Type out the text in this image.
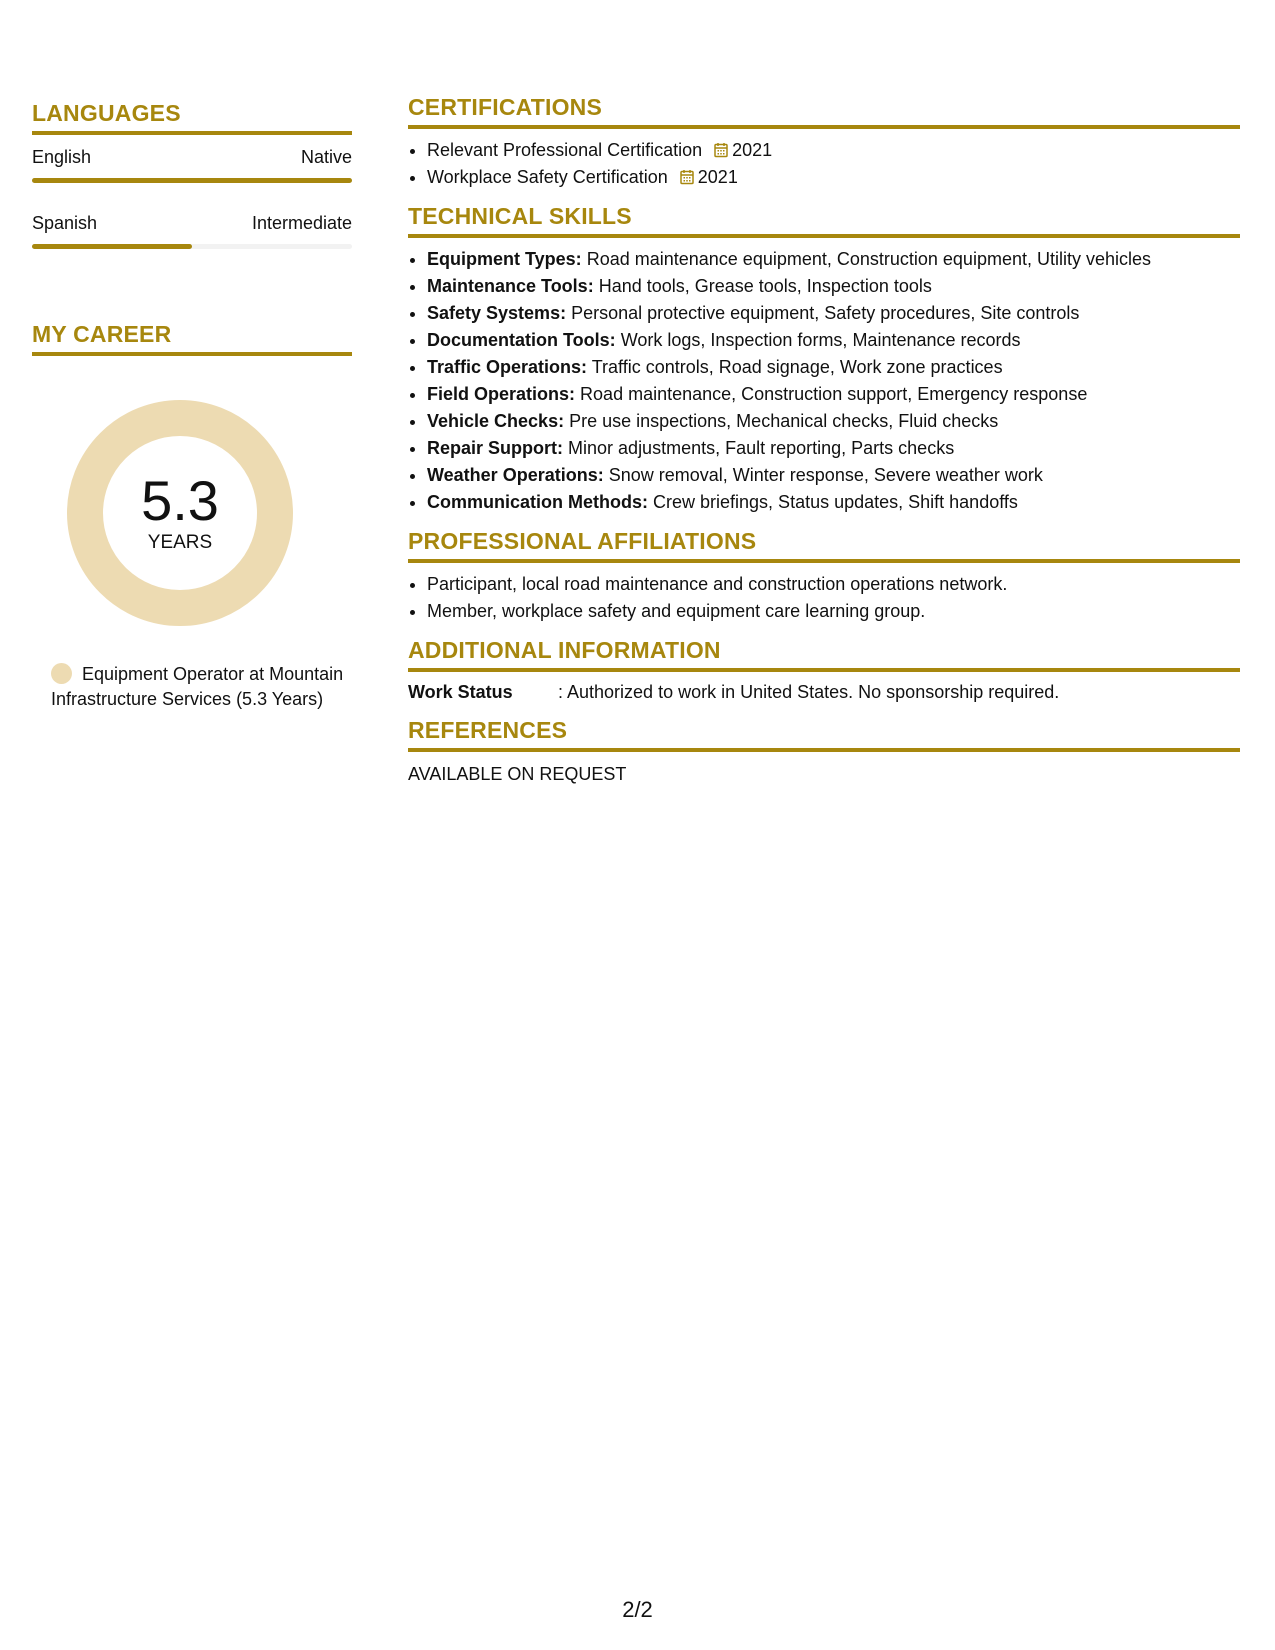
LANGUAGES
English	Native
Spanish	Intermediate
MY CAREER
5.3
YEARS
Equipment Operator at Mountain Infrastructure Services (5.3 Years)
CERTIFICATIONS
• Relevant Professional Certification 2021
• Workplace Safety Certification 2021
TECHNICAL SKILLS
• Equipment Types: Road maintenance equipment, Construction equipment, Utility vehicles
• Maintenance Tools: Hand tools, Grease tools, Inspection tools
• Safety Systems: Personal protective equipment, Safety procedures, Site controls
• Documentation Tools: Work logs, Inspection forms, Maintenance records
• Traffic Operations: Traffic controls, Road signage, Work zone practices
• Field Operations: Road maintenance, Construction support, Emergency response
• Vehicle Checks: Pre use inspections, Mechanical checks, Fluid checks
• Repair Support: Minor adjustments, Fault reporting, Parts checks
• Weather Operations: Snow removal, Winter response, Severe weather work
• Communication Methods: Crew briefings, Status updates, Shift handoffs
PROFESSIONAL AFFILIATIONS
• Participant, local road maintenance and construction operations network.
• Member, workplace safety and equipment care learning group.
ADDITIONAL INFORMATION
Work Status	: Authorized to work in United States. No sponsorship required.
REFERENCES
AVAILABLE ON REQUEST
2/2
